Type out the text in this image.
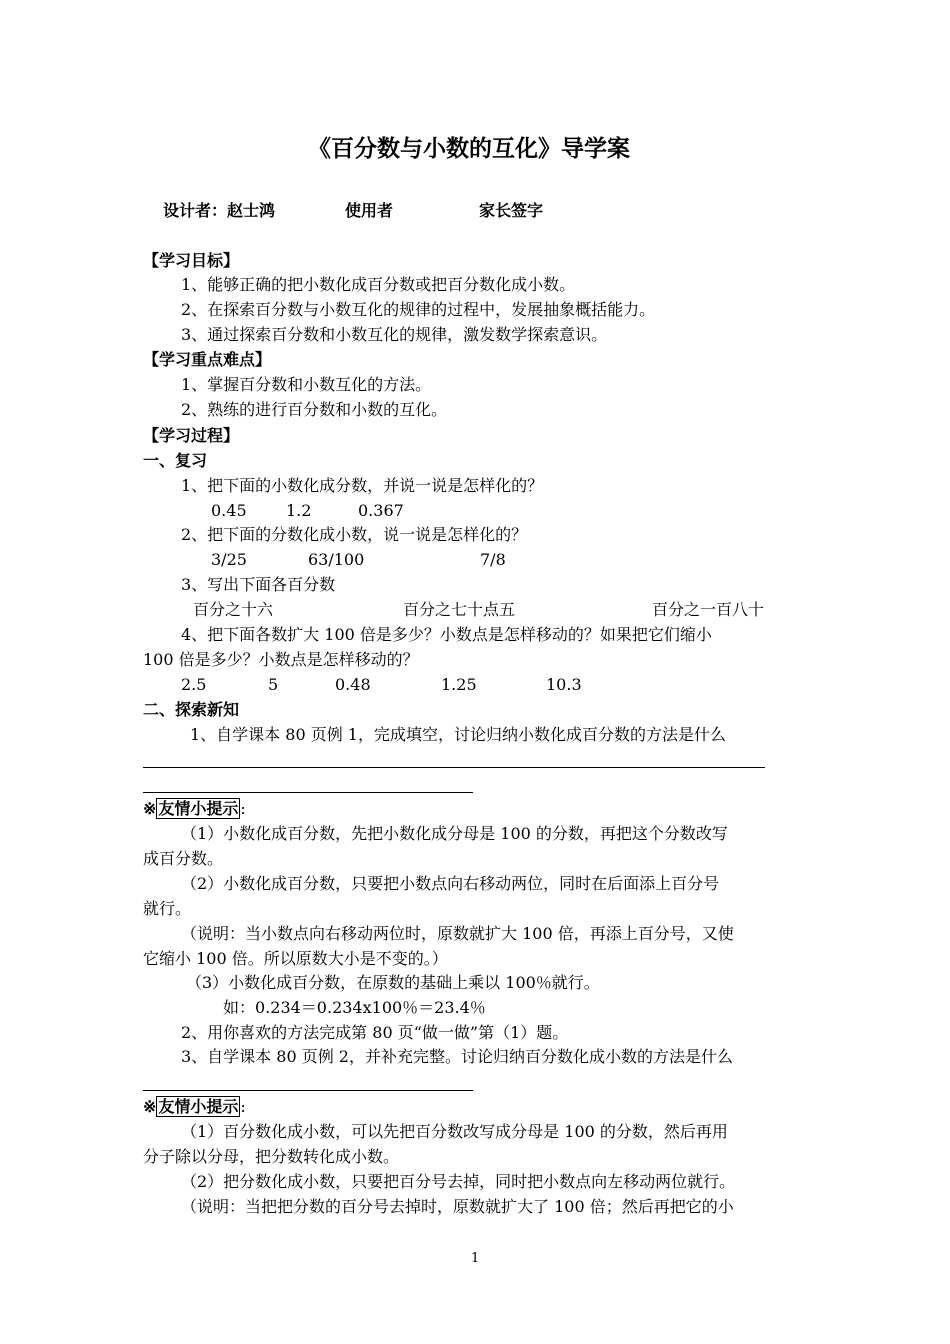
《百分数与小数的互化》导学案
设计者：赵士鸿	使用者	家长签字
【学习目标】
1、能够正确的把小数化成百分数或把百分数化成小数。
2、在探索百分数与小数互化的规律的过程中，发展抽象概括能力。
3、通过探索百分数和小数互化的规律，激发数学探索意识。
【学习重点难点】
1、掌握百分数和小数互化的方法。
2、熟练的进行百分数和小数的互化。
【学习过程】
一、复习
1、把下面的小数化成分数，并说一说是怎样化的？
0.45 1.2	0.367
2、把下面的分数化成小数，说一说是怎样化的？
3/25	63/100	7/8
3、写出下面各百分数
百分之十六	百分之七十点五	百分之一百八十
4、把下面各数扩大 100 倍是多少？小数点是怎样移动的？如果把它们缩小
100 倍是多少？小数点是怎样移动的？
2.5	5	0.48	1.25	10.3
二、探索新知
1、自学课本 80 页例 1，完成填空，讨论归纳小数化成百分数的方法是什么
※ 友情小提示 :
（1）小数化成百分数，先把小数化成分母是 100 的分数，再把这个分数改写
成百分数。
（2）小数化成百分数，只要把小数点向右移动两位，同时在后面添上百分号
就行。
（说明：当小数点向右移动两位时，原数就扩大 100 倍，再添上百分号，又使
它缩小 100 倍。所以原数大小是不变的。）
（3）小数化成百分数，在原数的基础上乘以 100％就行。
如：0.234＝0.234x100％＝23.4％
2、用你喜欢的方法完成第 80 页“做一做”第（1）题。
3、自学课本 80 页例 2，并补充完整。讨论归纳百分数化成小数的方法是什么
※ 友情小提示 :
（1）百分数化成小数，可以先把百分数改写成分母是 100 的分数，然后再用
分子除以分母，把分数转化成小数。
（2）把分数化成小数，只要把百分号去掉，同时把小数点向左移动两位就行。
（说明：当把把分数的百分号去掉时，原数就扩大了 100 倍；然后再把它的小
1
